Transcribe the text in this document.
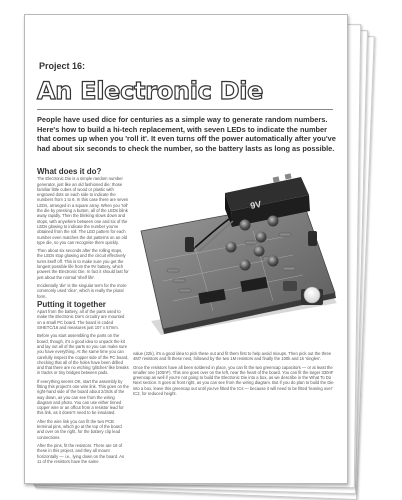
Project 16:
An Electronic Die
People have used dice for centuries as a simple way to generate random numbers. Here's how to build a hi-tech replacement, with seven LEDs to indicate the number that comes up when you 'roll it'. It even turns off the power automatically after you've had about six seconds to check the number, so the battery lasts as long as possible.
What does it do?

The Electronic Die is a simple random number generator, just like an old fashioned die: those familiar little cubes of wood or plastic with engraved dots on each side to indicate the numbers from 1 to 6. In this case there are seven LEDs, arranged in a square array. When you 'roll' the die by pressing a button, all of the LEDs blink away rapidly. Then the blinking slows down and stops, with anywhere between one and six of the LEDs glowing to indicate the number you've obtained from the roll. The LED pattern for each number even matches the dot patterns on an old type die, so you can recognise them quickly.

Then about six seconds after the rolling stops, the LEDs stop glowing and the circuit effectively turns itself off. This is to make sure you get the longest possible life from the 9V battery, which powers the Electronic Die. In fact it should last for just about the normal 'shelf life'.

Incidentally 'die' is the singular term for the more commonly used 'dice', which is really the plural form.

Putting it together

Apart from the battery, all of the parts used to make the Electronic Die's circuitry are mounted on a small PC board. The board is coded SIHETC/16 and measures just 107 x 57mm.

Before you start assembling the parts on the board, though, it's a good idea to unpack the kit and lay out all of the parts so you can make sure you have everything. At the same time you can carefully inspect the copper side of the PC board, checking that all of the holes have been drilled and that there are no etching 'glitches' like breaks in tracks or tiny bridges between pads.

If everything seems OK, start the assembly by fitting this project's one wire link. This goes on the right-hand side of the board about 2/3rds of the way down, as you can see from the wiring diagram and photo. You can use either tinned copper wire or an offcut from a resistor lead for this link, as it doesn't need to be insulated.

After the wire link you can fit the two PCB terminal pins, which go at the top of the board and over on the right, for the battery clip lead connections.

After the pins, fit the resistors. There are 18 of these in this project, and they all mount horizontally — i.e., lying down on the board. As 11 of the resistors have the same

9V

value (22k), it's a good idea to pick these out and fit them first to help avoid mixups. Then pick out the three 4M7 resistors and fit these next, followed by the two 1M resistors and finally the 100k and 1k 'singles'.

Once the resistors have all been soldered in place, you can fit the two greencap capacitors — or at least the smaller one (100nF). This one goes over on the left, near the heart of the board. You can fit the larger 330nF greencap as well if you're not going to build the Electronic Die into a box, as we describe in the What To Do Next section. It goes at front right, as you can see from the wiring diagram. But if you do plan to build the Die into a box, leave this greencap out until you've fitted the ICs — because it will need to be fitted 'leaning over' IC2, for reduced height.
